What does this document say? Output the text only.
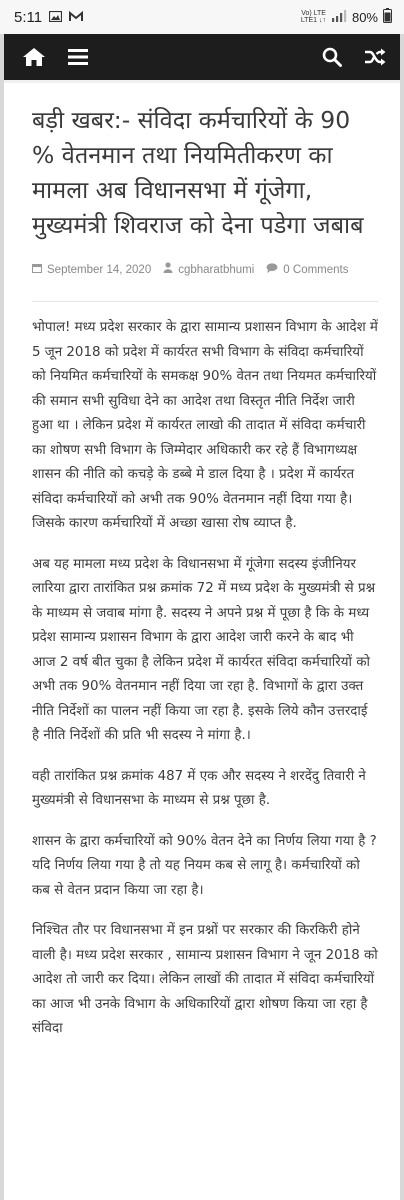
5:11	Vo) LTE
LTE1 ↓↑ 80%
बड़ी खबर:- संविदा कर्मचारियों के 90 % वेतनमान तथा नियमितीकरण का मामला अब विधानसभा में गूंजेगा, मुख्यमंत्री शिवराज को देना पडेगा जबाब
September 14, 2020 cgbharatbhumi	0 Comments

भोपाल! मध्य प्रदेश सरकार के द्वारा सामान्य प्रशासन विभाग के आदेश में 5 जून 2018 को प्रदेश में कार्यरत सभी विभाग के संविदा कर्मचारियों को नियमित कर्मचारियों के समकक्ष 90% वेतन तथा नियमत कर्मचारियों की समान सभी सुविधा देने का आदेश तथा विस्तृत नीति निर्देश जारी हुआ था । लेकिन प्रदेश में कार्यरत लाखो की तादात में संविदा कर्मचारी का शोषण सभी विभाग के जिम्मेदार अधिकारी कर रहे हैं विभागध्यक्ष शासन की नीति को कचड़े के डब्बे मे डाल दिया है । प्रदेश में कार्यरत संविदा कर्मचारियों को अभी तक 90% वेतनमान नहीं दिया गया है। जिसके कारण कर्मचारियों में अच्छा खासा रोष व्याप्त है.

अब यह मामला मध्य प्रदेश के विधानसभा में गूंजेगा सदस्य इंजीनियर लारिया द्वारा तारांकित प्रश्न क्रमांक 72 में मध्य प्रदेश के मुख्यमंत्री से प्रश्न के माध्यम से जवाब मांगा है. सदस्य ने अपने प्रश्न में पूछा है कि के मध्य प्रदेश सामान्य प्रशासन विभाग के द्वारा आदेश जारी करने के बाद भी आज 2 वर्ष बीत चुका है लेकिन प्रदेश में कार्यरत संविदा कर्मचारियों को अभी तक 90% वेतनमान नहीं दिया जा रहा है. विभागों के द्वारा उक्त नीति निर्देशों का पालन नहीं किया जा रहा है. इसके लिये कौन उत्तरदाई है नीति निर्देशों की प्रति भी सदस्य ने मांगा है.।

वही तारांकित प्रश्न क्रमांक 487 में एक और सदस्य ने शरदेंदु तिवारी ने मुख्यमंत्री से विधानसभा के माध्यम से प्रश्न पूछा है.

शासन के द्वारा कर्मचारियों को 90% वेतन देने का निर्णय लिया गया है ? यदि निर्णय लिया गया है तो यह नियम कब से लागू है। कर्मचारियों को कब से वेतन प्रदान किया जा रहा है।

निश्चित तौर पर विधानसभा में इन प्रश्नों पर सरकार की किरकिरी होने वाली है। मध्य प्रदेश सरकार , सामान्य प्रशासन विभाग ने जून 2018 को आदेश तो जारी कर दिया। लेकिन लाखों की तादात में संविदा कर्मचारियों का आज भी उनके विभाग के अधिकारियों द्वारा शोषण किया जा रहा है संविदा
